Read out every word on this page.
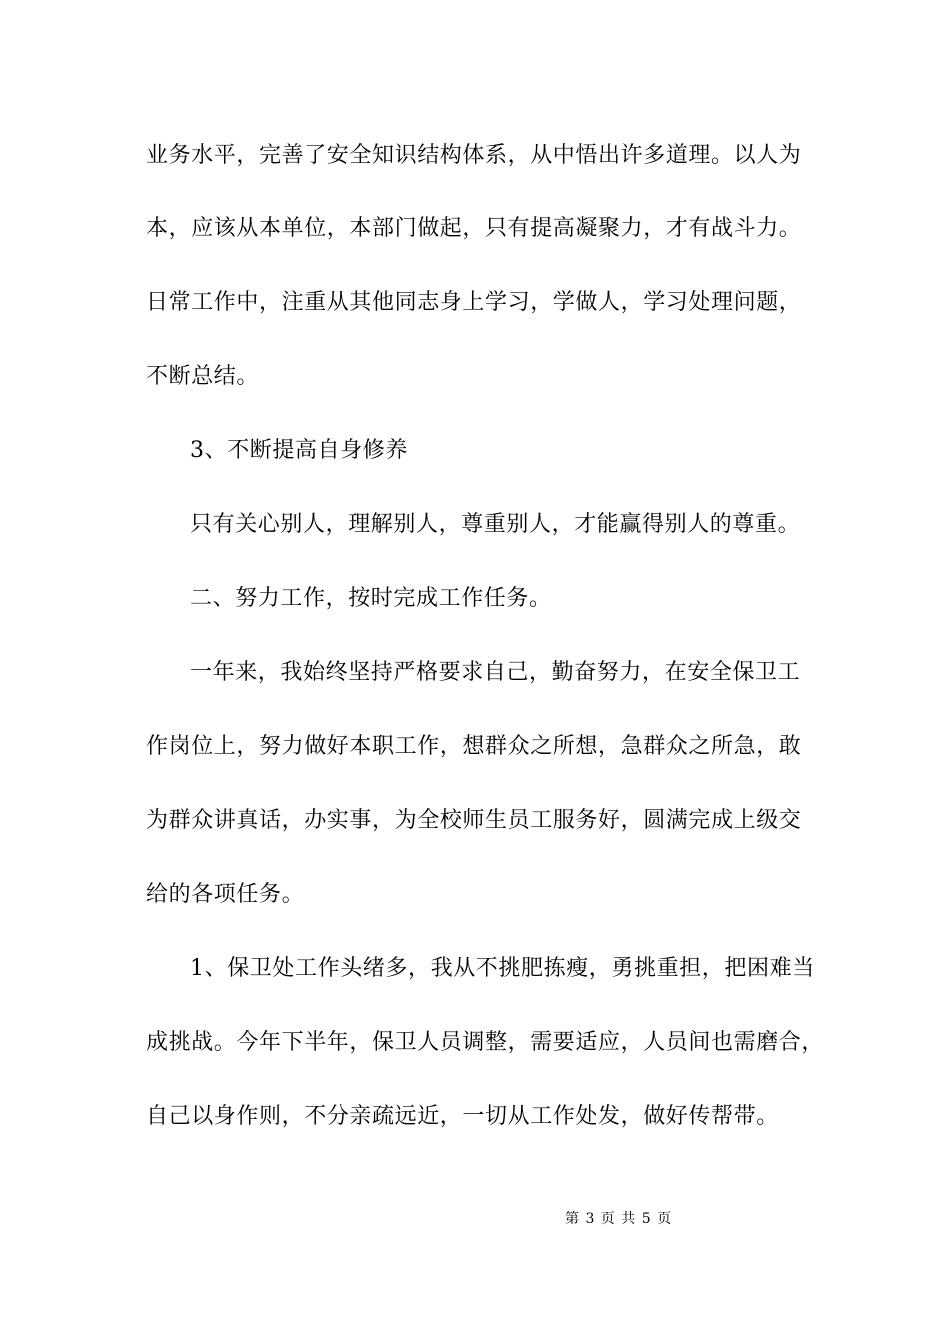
业务水平，完善了安全知识结构体系，从中悟出许多道理。以人为
本，应该从本单位，本部门做起，只有提高凝聚力，才有战斗力。
日常工作中，注重从其他同志身上学习，学做人，学习处理问题，
不断总结。
3、不断提高自身修养
只有关心别人，理解别人，尊重别人，才能赢得别人的尊重。
二、努力工作，按时完成工作任务。
一年来，我始终坚持严格要求自己，勤奋努力，在安全保卫工
作岗位上，努力做好本职工作，想群众之所想，急群众之所急，敢
为群众讲真话，办实事，为全校师生员工服务好，圆满完成上级交
给的各项任务。
1、保卫处工作头绪多，我从不挑肥拣瘦，勇挑重担，把困难当
成挑战。今年下半年，保卫人员调整，需要适应，人员间也需磨合，
自己以身作则，不分亲疏远近，一切从工作处发，做好传帮带。
第 3 页 共 5 页
